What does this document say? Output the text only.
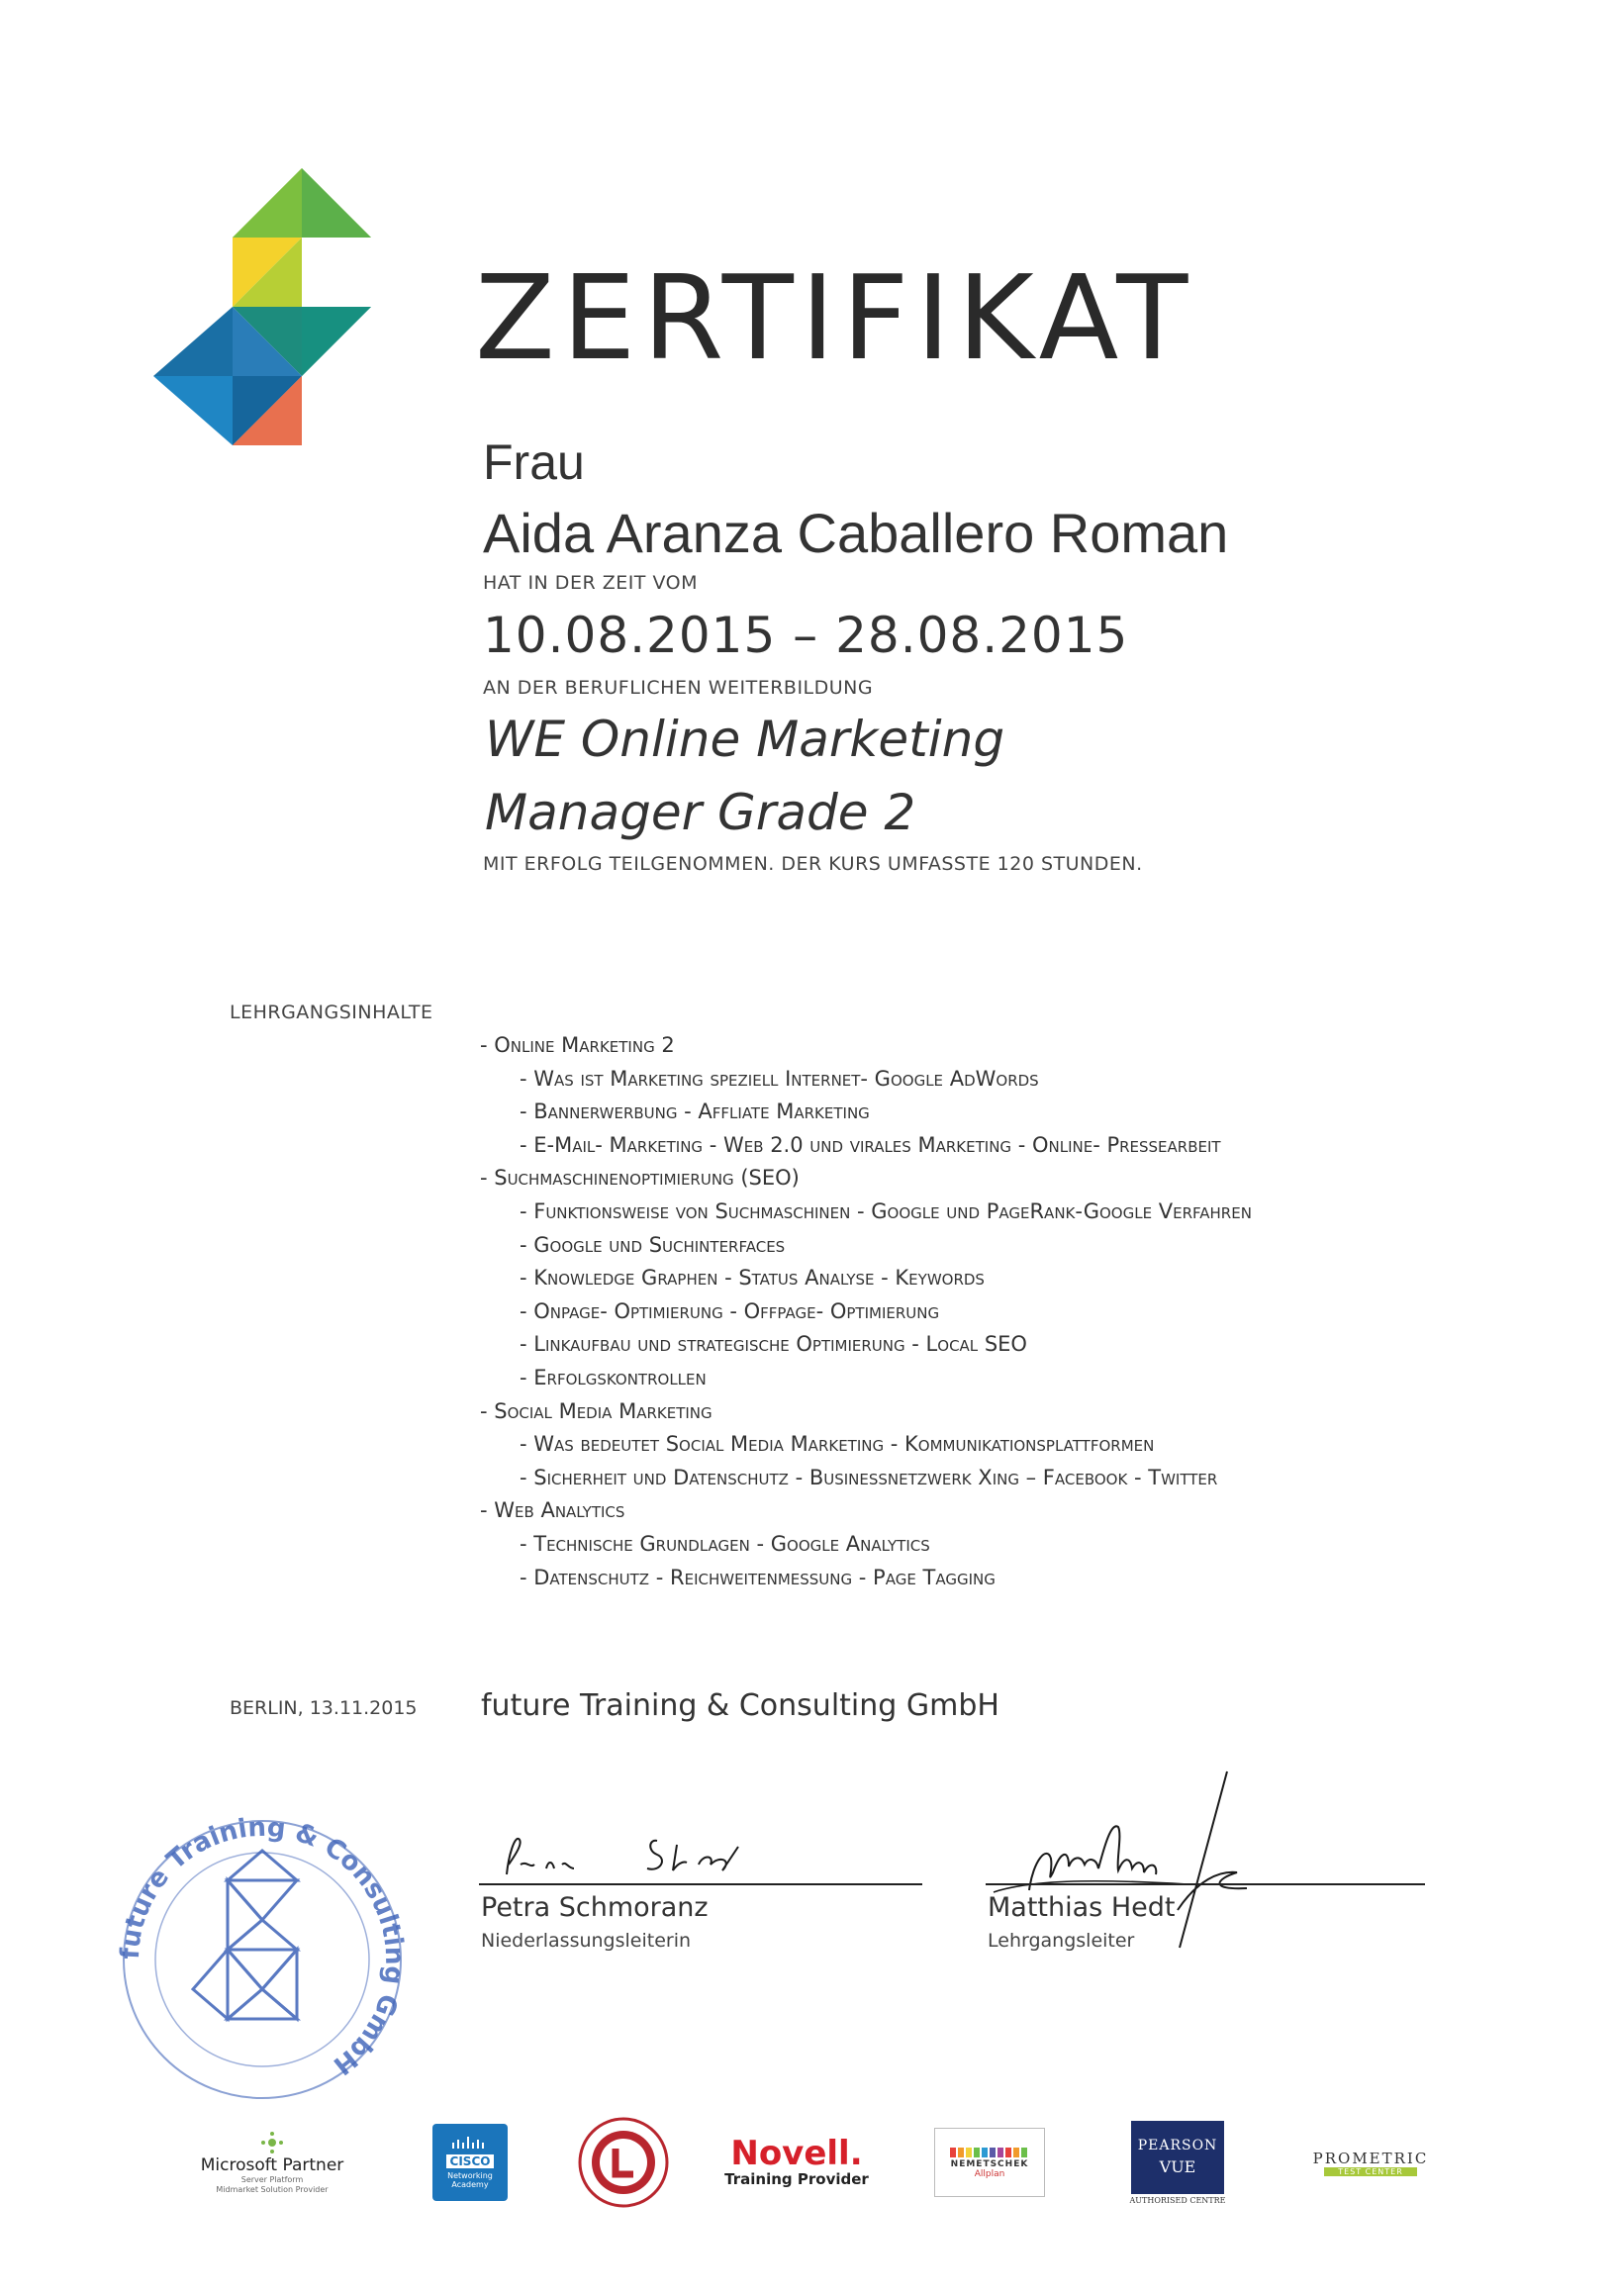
ZERTIFIKAT
Frau
Aida Aranza Caballero Roman
HAT IN DER ZEIT VOM
10.08.2015 – 28.08.2015
AN DER BERUFLICHEN WEITERBILDUNG
WE Online Marketing
Manager Grade 2
MIT ERFOLG TEILGENOMMEN. DER KURS UMFASSTE 120 STUNDEN.
LEHRGANGSINHALTE
- Online Marketing 2
- Was ist Marketing speziell Internet- Google AdWords
- Bannerwerbung - Affliate Marketing
- E-Mail- Marketing - Web 2.0 und virales Marketing - Online- Pressearbeit
- Suchmaschinenoptimierung (SEO)
- Funktionsweise von Suchmaschinen - Google und PageRank-Google Verfahren
- Google und Suchinterfaces
- Knowledge Graphen - Status Analyse - Keywords
- Onpage- Optimierung - Offpage- Optimierung
- Linkaufbau und strategische Optimierung - Local SEO
- Erfolgskontrollen
- Social Media Marketing
- Was bedeutet Social Media Marketing - Kommunikationsplattformen
- Sicherheit und Datenschutz - Businessnetzwerk Xing – Facebook - Twitter
- Web Analytics
- Technische Grundlagen - Google Analytics
- Datenschutz - Reichweitenmessung - Page Tagging
BERLIN, 13.11.2015 future Training & Consulting GmbH
Petra Schmoranz
Niederlassungsleiterin
Matthias Hedt
Lehrgangsleiter
future Training & Consulting GmbH
Microsoft Partner
Server Platform
Midmarket Solution Provider
CISCO
Networking Academy
Novell.
Training Provider
NEMETSCHEK
Allplan
PEARSON
VUE
AUTHORISED CENTRE
PROMETRIC
TEST CENTER
